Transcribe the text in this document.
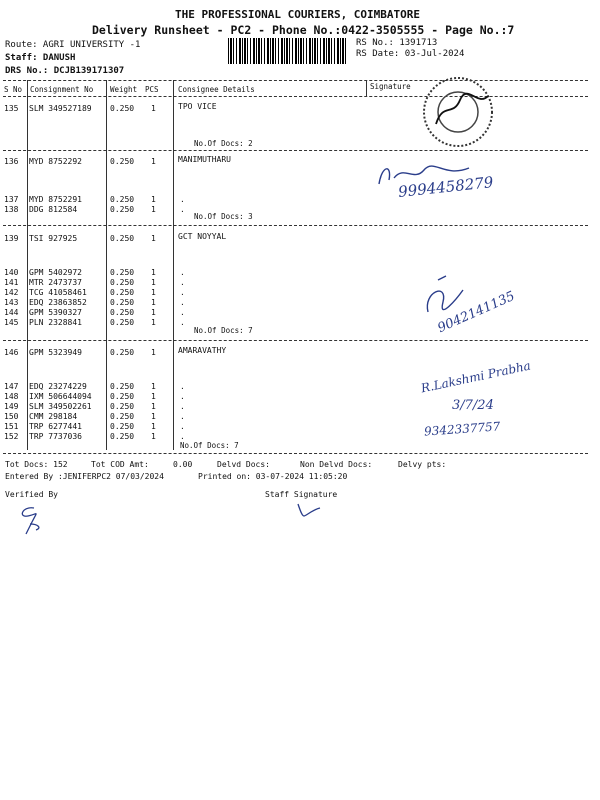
THE PROFESSIONAL COURIERS, COIMBATORE
Delivery Runsheet - PC2 - Phone No.:0422-3505555 - Page No.:7
Route: AGRI UNIVERSITY -1
Staff: DANUSH
DRS No.: DCJB139171307
RS No.: 1391713
RS Date: 03-Jul-2024
S No Consignment No Weight PCS	Consignee Details	Signature
135 SLM 349527189 0.250 1	TPO VICE
No.Of Docs: 2
136 MYD 8752292	0.250 1	MANIMUTHARU
137 MYD 8752291	0.250 1	.
138 DDG 812584	0.250 1	.
No.Of Docs: 3
139 TSI 927925	0.250 1	GCT NOYYAL
140 GPM 5402972	0.250 1	.
141 MTR 2473737	0.250 1	.
142 TCG 41058461	0.250 1	.
143 EDQ 23863852	0.250 1	.
144 GPM 5390327	0.250 1	.
145 PLN 2328841	0.250 1	.
No.Of Docs: 7
146 GPM 5323949	0.250 1	AMARAVATHY
147 EDQ 23274229	0.250 1	.
148 IXM 506644094 0.250 1	.
149 SLM 349502261 0.250 1	.
150 CMM 298184	0.250 1	.
151 TRP 6277441	0.250 1	.
152 TRP 7737036	0.250 1	.
No.Of Docs: 7
Tot Docs: 152	Tot COD Amt:	0.00	Delvd Docs:	Non Delvd Docs:	Delvy pts:
Entered By :JENIFERPC2 07/03/2024	Printed on: 03-07-2024 11:05:20
Verified By	Staff Signature
9994458279
9042141135
R.Lakshmi Prabha
3/7/24
9342337757
